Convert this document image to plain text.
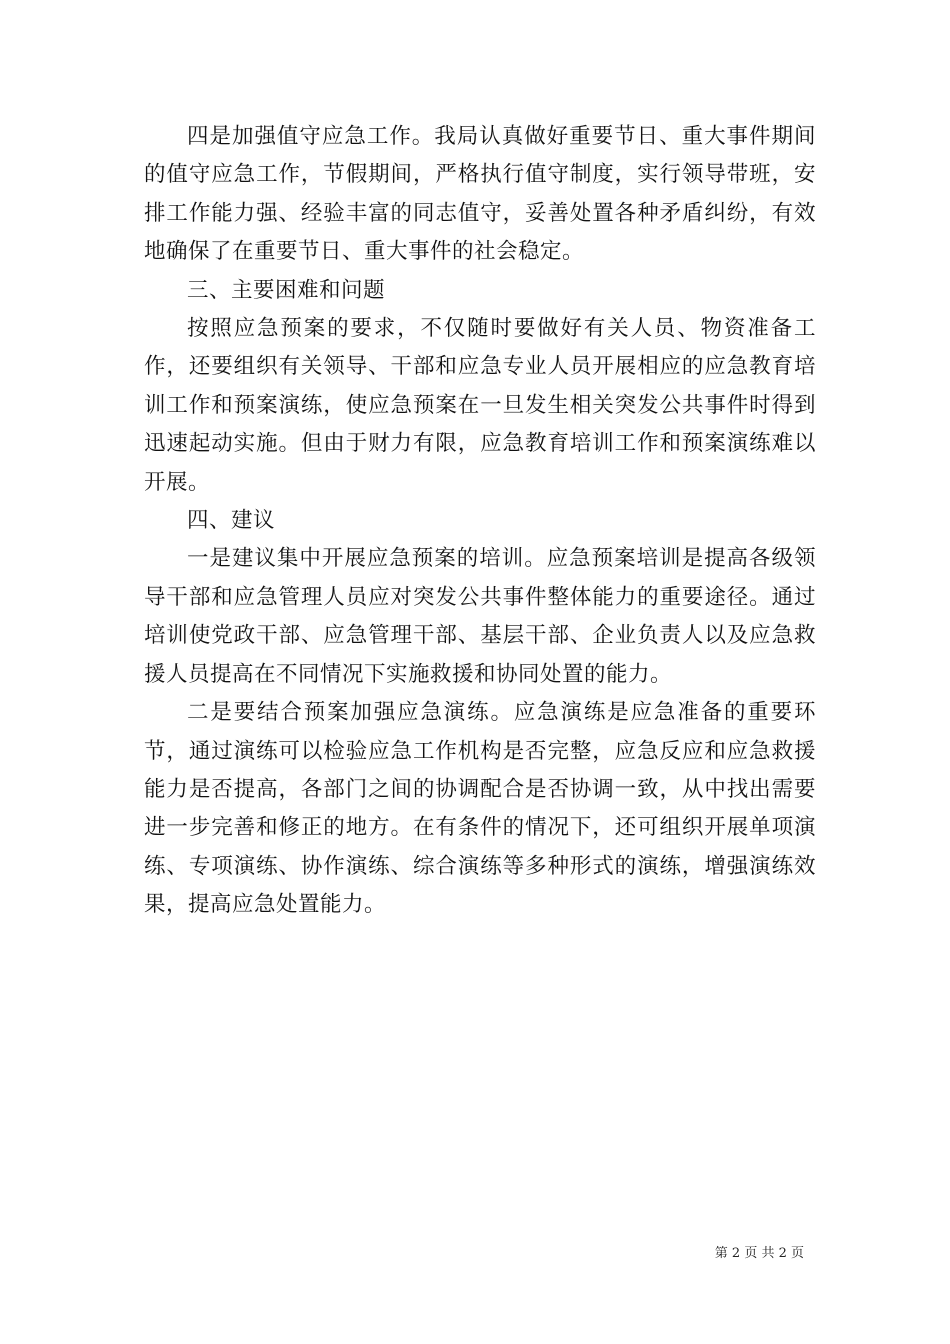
四是加强值守应急工作。我局认真做好重要节日、重大事件期间的值守应急工作，节假期间，严格执行值守制度，实行领导带班，安排工作能力强、经验丰富的同志值守，妥善处置各种矛盾纠纷，有效地确保了在重要节日、重大事件的社会稳定。

三、主要困难和问题

按照应急预案的要求，不仅随时要做好有关人员、物资准备工作，还要组织有关领导、干部和应急专业人员开展相应的应急教育培训工作和预案演练，使应急预案在一旦发生相关突发公共事件时得到迅速起动实施。但由于财力有限，应急教育培训工作和预案演练难以开展。

四、建议

一是建议集中开展应急预案的培训。应急预案培训是提高各级领导干部和应急管理人员应对突发公共事件整体能力的重要途径。通过培训使党政干部、应急管理干部、基层干部、企业负责人以及应急救援人员提高在不同情况下实施救援和协同处置的能力。

二是要结合预案加强应急演练。应急演练是应急准备的重要环节，通过演练可以检验应急工作机构是否完整，应急反应和应急救援能力是否提高，各部门之间的协调配合是否协调一致，从中找出需要进一步完善和修正的地方。在有条件的情况下，还可组织开展单项演练、专项演练、协作演练、综合演练等多种形式的演练，增强演练效果，提高应急处置能力。

第 2 页 共 2 页
